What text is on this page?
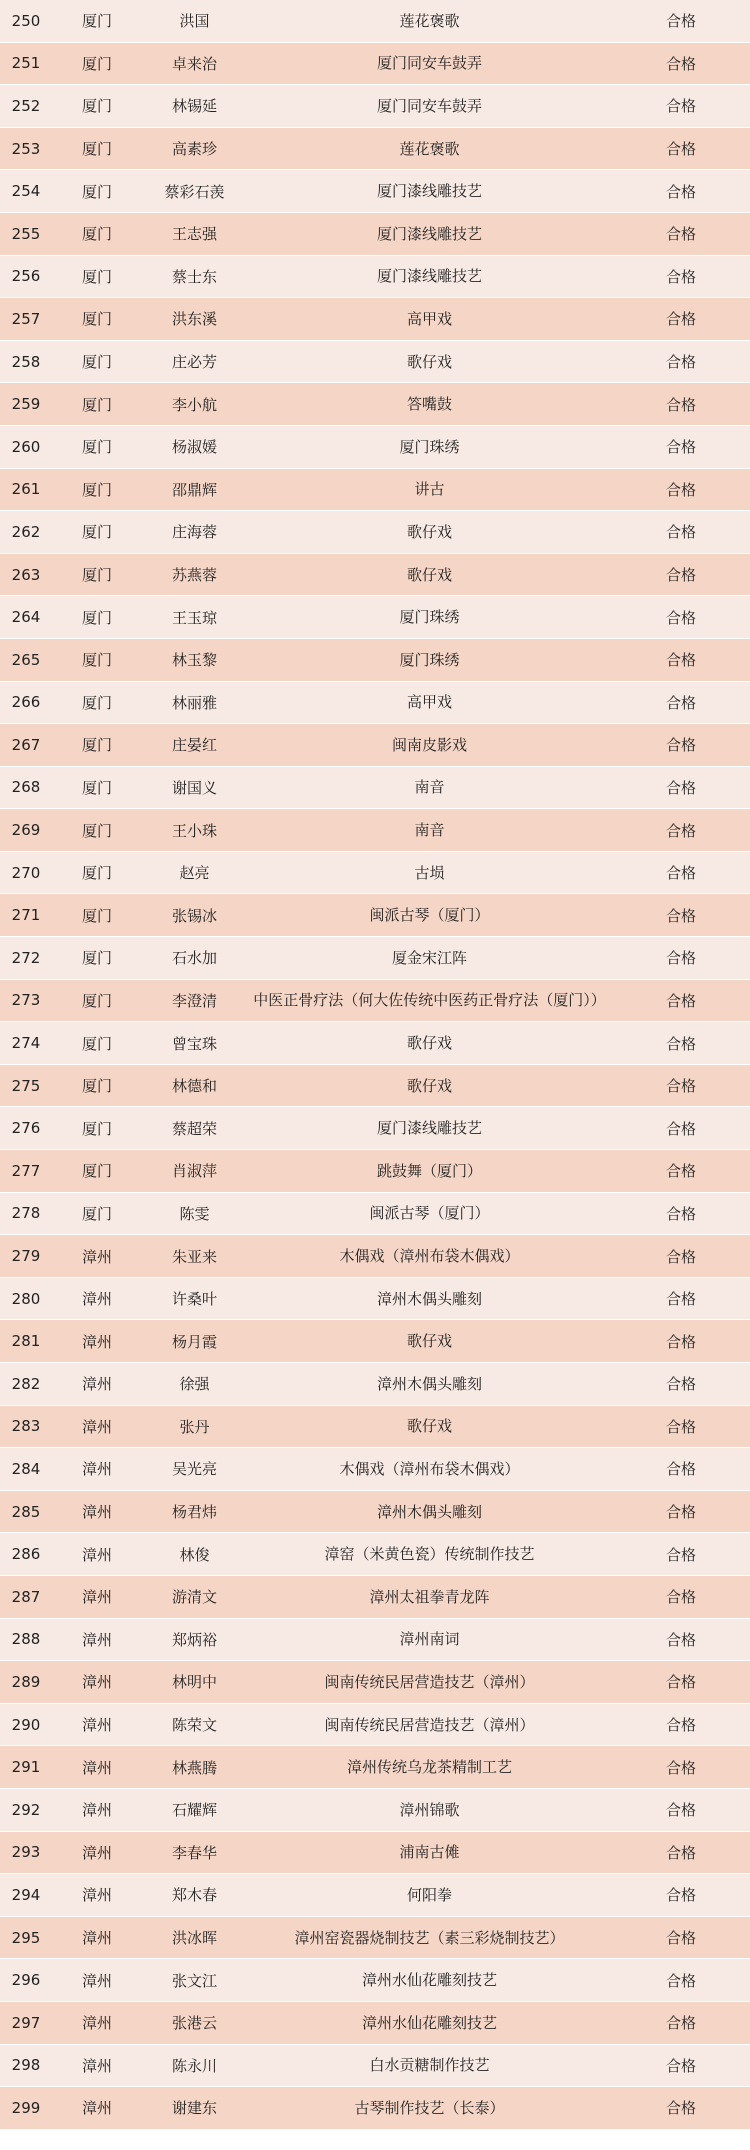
250	厦门	洪国	莲花褒歌	合格
251	厦门	卓来治	厦门同安车鼓弄	合格
252	厦门	林锡延	厦门同安车鼓弄	合格
253	厦门	高素珍	莲花褒歌	合格
254	厦门	蔡彩石羡	厦门漆线雕技艺	合格
255	厦门	王志强	厦门漆线雕技艺	合格
256	厦门	蔡士东	厦门漆线雕技艺	合格
257	厦门	洪东溪	高甲戏	合格
258	厦门	庄必芳	歌仔戏	合格
259	厦门	李小航	答嘴鼓	合格
260	厦门	杨淑媛	厦门珠绣	合格
261	厦门	邵鼎辉	讲古	合格
262	厦门	庄海蓉	歌仔戏	合格
263	厦门	苏燕蓉	歌仔戏	合格
264	厦门	王玉琼	厦门珠绣	合格
265	厦门	林玉黎	厦门珠绣	合格
266	厦门	林丽雅	高甲戏	合格
267	厦门	庄晏红	闽南皮影戏	合格
268	厦门	谢国义	南音	合格
269	厦门	王小珠	南音	合格
270	厦门	赵亮	古埙	合格
271	厦门	张锡冰	闽派古琴（厦门）	合格
272	厦门	石水加	厦金宋江阵	合格
273	厦门	李澄清	中医正骨疗法（何大佐传统中医药正骨疗法（厦门））	合格
274	厦门	曾宝珠	歌仔戏	合格
275	厦门	林德和	歌仔戏	合格
276	厦门	蔡超荣	厦门漆线雕技艺	合格
277	厦门	肖淑萍	跳鼓舞（厦门）	合格
278	厦门	陈雯	闽派古琴（厦门）	合格
279	漳州	朱亚来	木偶戏（漳州布袋木偶戏）	合格
280	漳州	许桑叶	漳州木偶头雕刻	合格
281	漳州	杨月霞	歌仔戏	合格
282	漳州	徐强	漳州木偶头雕刻	合格
283	漳州	张丹	歌仔戏	合格
284	漳州	吴光亮	木偶戏（漳州布袋木偶戏）	合格
285	漳州	杨君炜	漳州木偶头雕刻	合格
286	漳州	林俊	漳窑（米黄色瓷）传统制作技艺	合格
287	漳州	游清文	漳州太祖拳青龙阵	合格
288	漳州	郑炳裕	漳州南词	合格
289	漳州	林明中	闽南传统民居营造技艺（漳州）	合格
290	漳州	陈荣文	闽南传统民居营造技艺（漳州）	合格
291	漳州	林燕腾	漳州传统乌龙茶精制工艺	合格
292	漳州	石耀辉	漳州锦歌	合格
293	漳州	李春华	浦南古傩	合格
294	漳州	郑木春	何阳拳	合格
295	漳州	洪冰晖	漳州窑瓷器烧制技艺（素三彩烧制技艺）	合格
296	漳州	张文江	漳州水仙花雕刻技艺	合格
297	漳州	张港云	漳州水仙花雕刻技艺	合格
298	漳州	陈永川	白水贡糖制作技艺	合格
299	漳州	谢建东	古琴制作技艺（长泰）	合格
